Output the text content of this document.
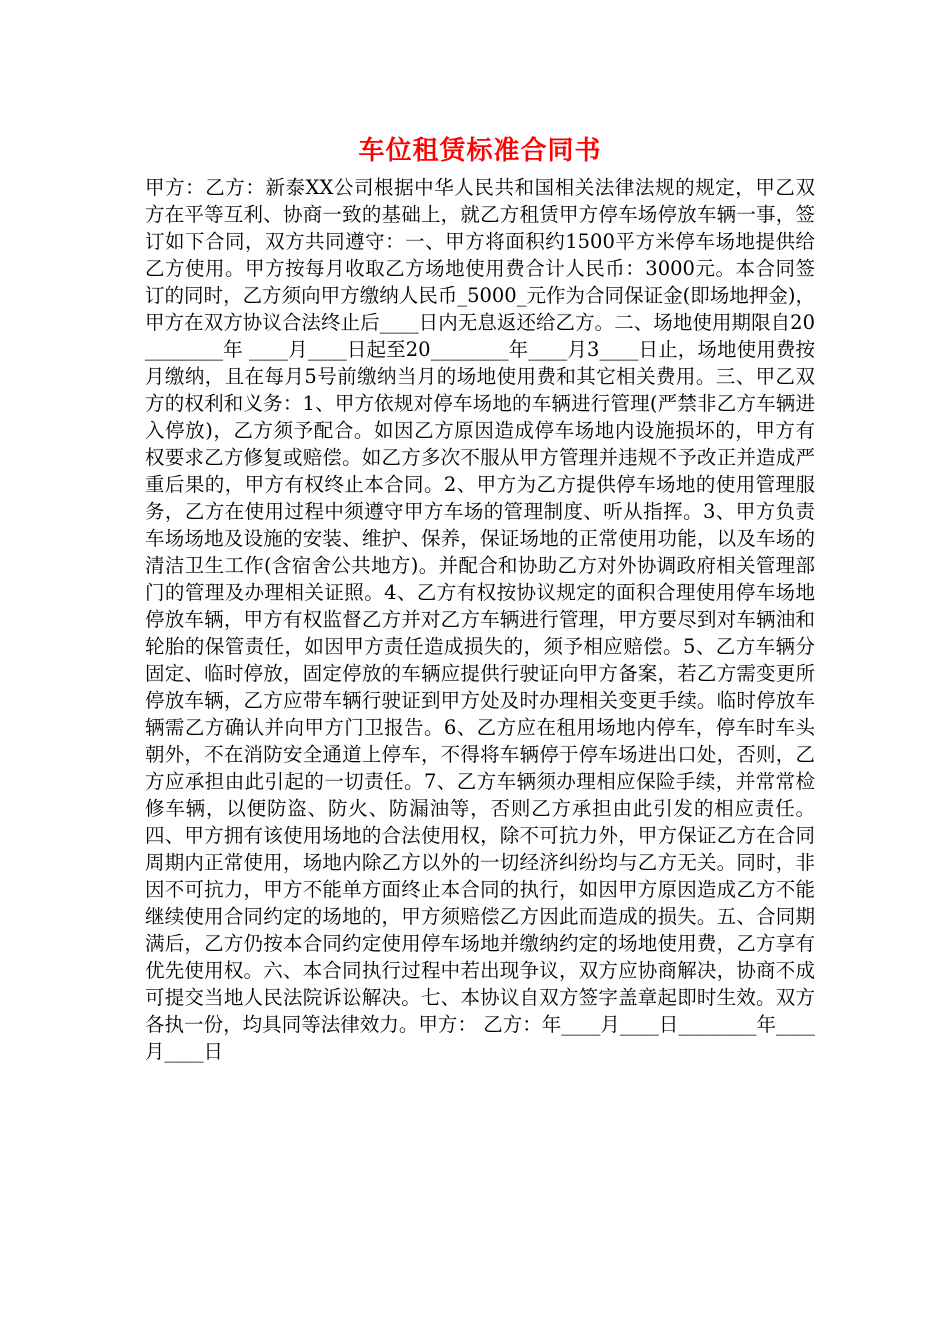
车位租赁标准合同书

甲方：乙方：新泰XX公司根据中华人民共和国相关法律法规的规定，甲乙双方在平等互利、协商一致的基础上，就乙方租赁甲方停车场停放车辆一事，签订如下合同，双方共同遵守：一、甲方将面积约1500平方米停车场地提供给乙方使用。甲方按每月收取乙方场地使用费合计人民币：3000元。本合同签订的同时，乙方须向甲方缴纳人民币_5000_元作为合同保证金(即场地押金)，甲方在双方协议合法终止后____日内无息返还给乙方。二、场地使用期限自20________年 ____月____日起至20________年____月3____日止，场地使用费按月缴纳，且在每月5号前缴纳当月的场地使用费和其它相关费用。三、甲乙双方的权利和义务：1、甲方依规对停车场地的车辆进行管理(严禁非乙方车辆进入停放)，乙方须予配合。如因乙方原因造成停车场地内设施损坏的，甲方有权要求乙方修复或赔偿。如乙方多次不服从甲方管理并违规不予改正并造成严重后果的，甲方有权终止本合同。2、甲方为乙方提供停车场地的使用管理服务，乙方在使用过程中须遵守甲方车场的管理制度、听从指挥。3、甲方负责车场场地及设施的安装、维护、保养，保证场地的正常使用功能，以及车场的清洁卫生工作(含宿舍公共地方)。并配合和协助乙方对外协调政府相关管理部门的管理及办理相关证照。4、乙方有权按协议规定的面积合理使用停车场地停放车辆，甲方有权监督乙方并对乙方车辆进行管理，甲方要尽到对车辆油和轮胎的保管责任，如因甲方责任造成损失的，须予相应赔偿。5、乙方车辆分固定、临时停放，固定停放的车辆应提供行驶证向甲方备案，若乙方需变更所停放车辆，乙方应带车辆行驶证到甲方处及时办理相关变更手续。临时停放车辆需乙方确认并向甲方门卫报告。6、乙方应在租用场地内停车，停车时车头朝外，不在消防安全通道上停车，不得将车辆停于停车场进出口处，否则，乙方应承担由此引起的一切责任。7、乙方车辆须办理相应保险手续，并常常检修车辆，以便防盗、防火、防漏油等，否则乙方承担由此引发的相应责任。四、甲方拥有该使用场地的合法使用权，除不可抗力外，甲方保证乙方在合同周期内正常使用，场地内除乙方以外的一切经济纠纷均与乙方无关。同时，非因不可抗力，甲方不能单方面终止本合同的执行，如因甲方原因造成乙方不能继续使用合同约定的场地的，甲方须赔偿乙方因此而造成的损失。五、合同期满后，乙方仍按本合同约定使用停车场地并缴纳约定的场地使用费，乙方享有优先使用权。六、本合同执行过程中若出现争议，双方应协商解决，协商不成可提交当地人民法院诉讼解决。七、本协议自双方签字盖章起即时生效。双方各执一份，均具同等法律效力。甲方： 乙方：年____月____日________年____月____日
